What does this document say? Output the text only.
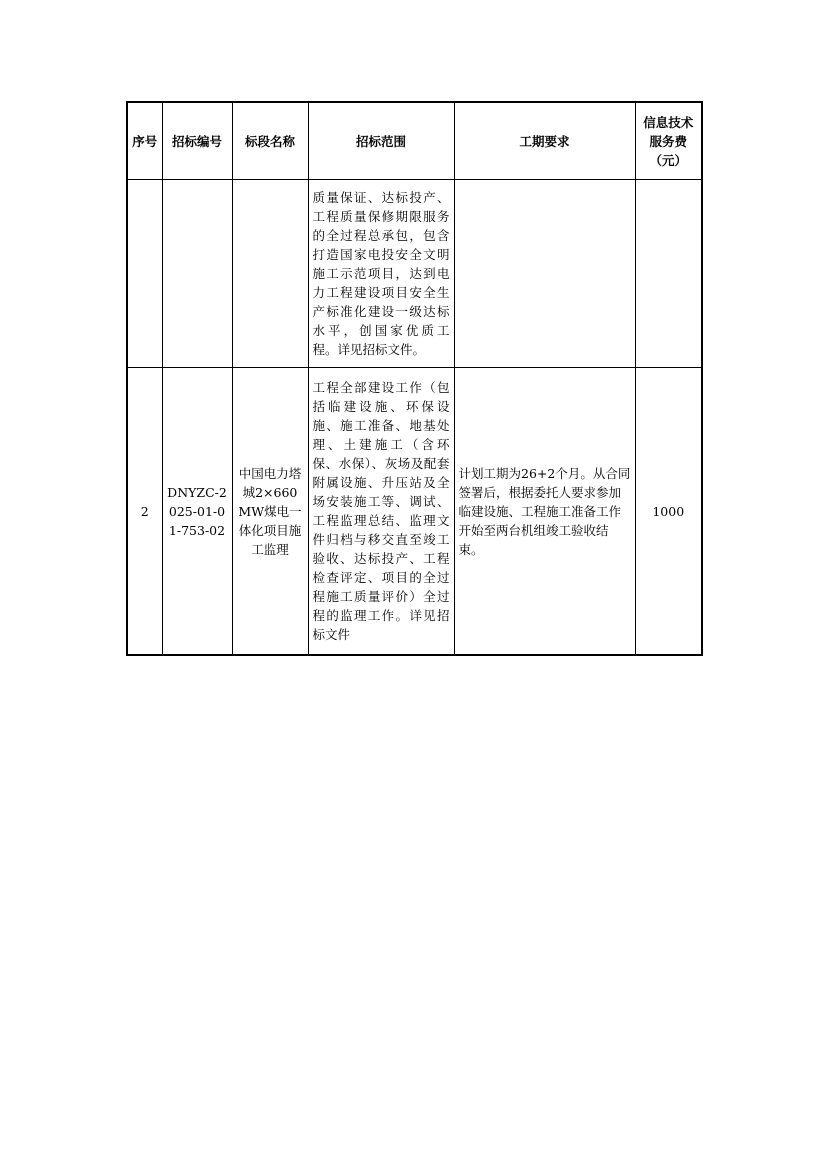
序号	招标编号	标段名称	招标范围	工期要求	信息技术服务费（元）
			质量保证、达标投产、工程质量保修期限服务的全过程总承包，包含打造国家电投安全文明施工示范项目，达到电力工程建设项目安全生产标准化建设一级达标水平，创国家优质工程。详见招标文件。		
2	DNYZC-2025-01-01-753-02	中国电力塔城2×660MW煤电一体化项目施工监理	工程全部建设工作（包括临建设施、环保设施、施工准备、地基处理、土建施工（含环保、水保）、灰场及配套附属设施、升压站及全场安装施工等、调试、工程监理总结、监理文件归档与移交直至竣工验收、达标投产、工程检查评定、项目的全过程施工质量评价）全过程的监理工作。详见招标文件	计划工期为26+2个月。从合同签署后，根据委托人要求参加临建设施、工程施工准备工作开始至两台机组竣工验收结束。	1000
